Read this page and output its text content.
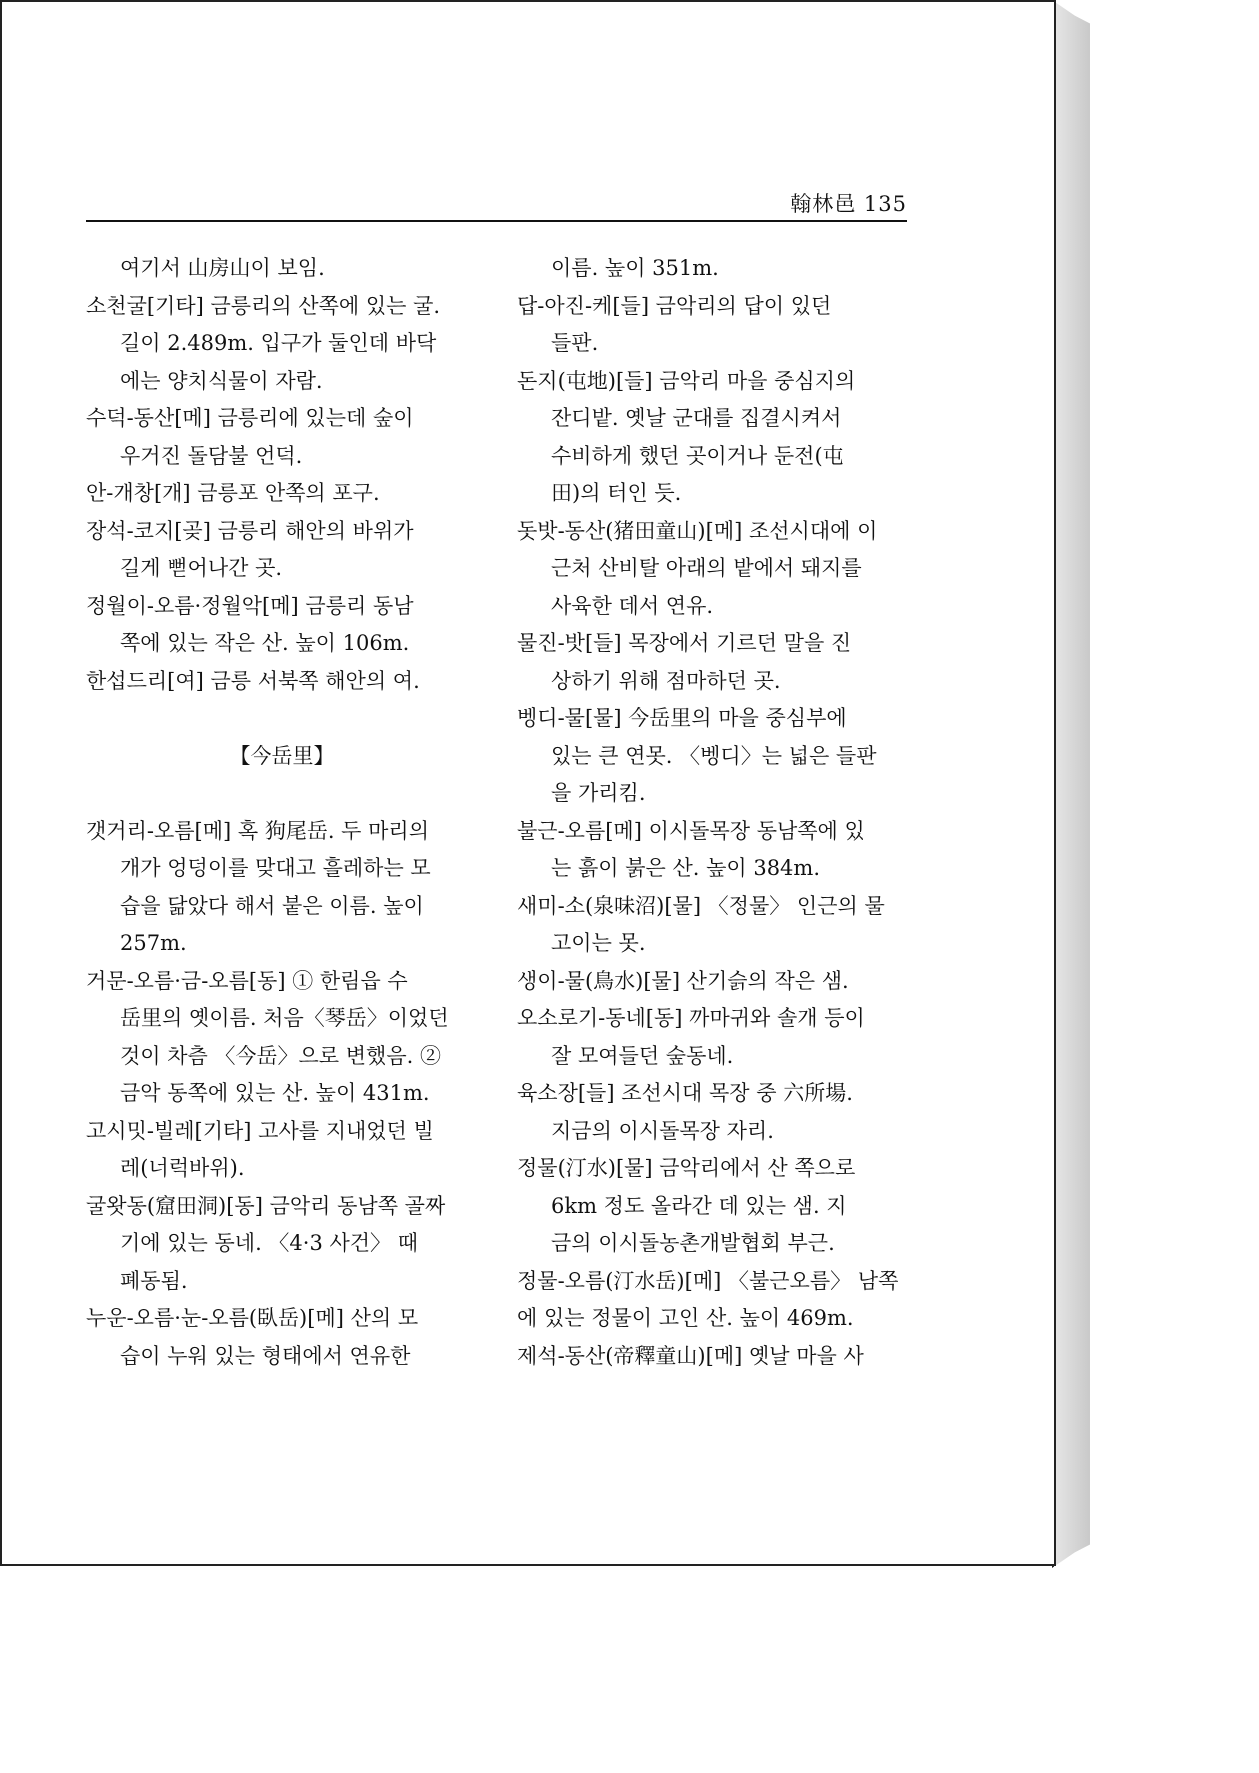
翰林邑 135
여기서 山房山이 보임.
소천굴[기타] 금릉리의 산쪽에 있는 굴.
길이 2.489m. 입구가 둘인데 바닥
에는 양치식물이 자람.
수덕-동산[메] 금릉리에 있는데 숲이
우거진 돌담불 언덕.
안-개창[개] 금릉포 안쪽의 포구.
장석-코지[곶] 금릉리 해안의 바위가
길게 뻗어나간 곳.
정월이-오름·정월악[메] 금릉리 동남
쪽에 있는 작은 산. 높이 106m.
한섭드리[여] 금릉 서북쪽 해안의 여.
【今岳里】
갯거리-오름[메] 혹 狗尾岳. 두 마리의
개가 엉덩이를 맞대고 흘레하는 모
습을 닮았다 해서 붙은 이름. 높이
257m.
거문-오름·금-오름[동] ① 한림읍 수
岳里의 옛이름. 처음〈琴岳〉이었던
것이 차츰 〈今岳〉으로 변했음. ②
금악 동쪽에 있는 산. 높이 431m.
고시밋-빌레[기타] 고사를 지내었던 빌
레(너럭바위).
굴왓동(窟田洞)[동] 금악리 동남쪽 골짜
기에 있는 동네. 〈4·3 사건〉 때
폐동됨.
누운-오름·눈-오름(臥岳)[메] 산의 모
습이 누워 있는 형태에서 연유한
이름. 높이 351m.
답-아진-케[들] 금악리의 답이 있던
들판.
돈지(屯地)[들] 금악리 마을 중심지의
잔디밭. 옛날 군대를 집결시켜서
수비하게 했던 곳이거나 둔전(屯
田)의 터인 듯.
돗밧-동산(猪田童山)[메] 조선시대에 이
근처 산비탈 아래의 밭에서 돼지를
사육한 데서 연유.
물진-밧[들] 목장에서 기르던 말을 진
상하기 위해 점마하던 곳.
벵디-물[물] 今岳里의 마을 중심부에
있는 큰 연못. 〈벵디〉는 넓은 들판
을 가리킴.
불근-오름[메] 이시돌목장 동남쪽에 있
는 흙이 붉은 산. 높이 384m.
새미-소(泉味沼)[물] 〈정물〉 인근의 물
고이는 못.
생이-물(鳥水)[물] 산기슭의 작은 샘.
오소로기-동네[동] 까마귀와 솔개 등이
잘 모여들던 숲동네.
육소장[들] 조선시대 목장 중 六所場.
지금의 이시돌목장 자리.
정물(汀水)[물] 금악리에서 산 쪽으로
6km 정도 올라간 데 있는 샘. 지
금의 이시돌농촌개발협회 부근.
정물-오름(汀水岳)[메] 〈불근오름〉 남쪽
에 있는 정물이 고인 산. 높이 469m.
제석-동산(帝釋童山)[메] 옛날 마을 사
